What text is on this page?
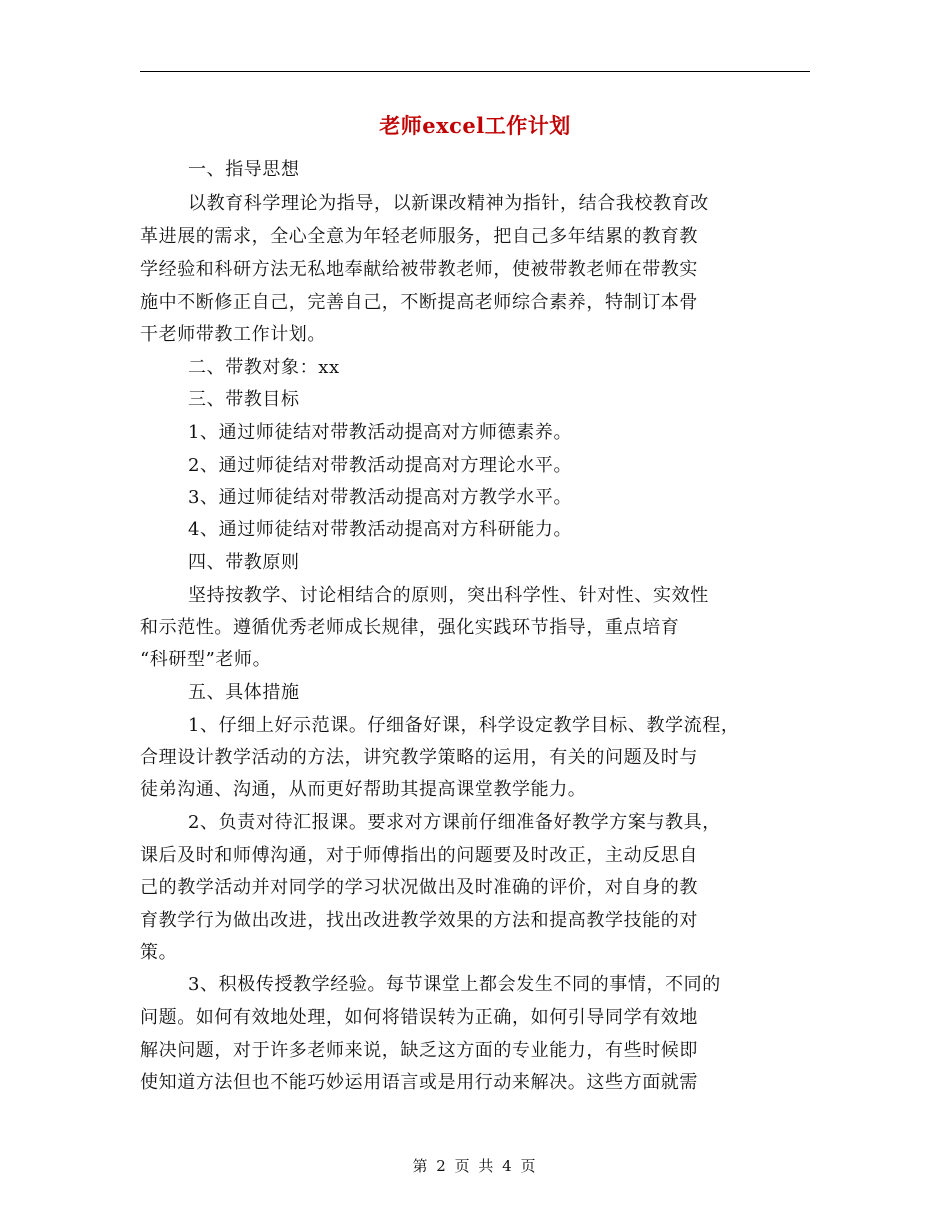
老师excel工作计划
一、指导思想
以教育科学理论为指导，以新课改精神为指针，结合我校教育改
革进展的需求，全心全意为年轻老师服务，把自己多年结累的教育教
学经验和科研方法无私地奉献给被带教老师，使被带教老师在带教实
施中不断修正自己，完善自己，不断提高老师综合素养，特制订本骨
干老师带教工作计划。
二、带教对象：xx
三、带教目标
1、通过师徒结对带教活动提高对方师德素养。
2、通过师徒结对带教活动提高对方理论水平。
3、通过师徒结对带教活动提高对方教学水平。
4、通过师徒结对带教活动提高对方科研能力。
四、带教原则
坚持按教学、讨论相结合的原则，突出科学性、针对性、实效性
和示范性。遵循优秀老师成长规律，强化实践环节指导，重点培育
“科研型”老师。
五、具体措施
1、仔细上好示范课。仔细备好课，科学设定教学目标、教学流程，
合理设计教学活动的方法，讲究教学策略的运用，有关的问题及时与
徒弟沟通、沟通，从而更好帮助其提高课堂教学能力。
2、负责对待汇报课。要求对方课前仔细准备好教学方案与教具，
课后及时和师傅沟通，对于师傅指出的问题要及时改正，主动反思自
己的教学活动并对同学的学习状况做出及时准确的评价，对自身的教
育教学行为做出改进，找出改进教学效果的方法和提高教学技能的对
策。
3、积极传授教学经验。每节课堂上都会发生不同的事情，不同的
问题。如何有效地处理，如何将错误转为正确，如何引导同学有效地
解决问题，对于许多老师来说，缺乏这方面的专业能力，有些时候即
使知道方法但也不能巧妙运用语言或是用行动来解决。这些方面就需
第 2 页 共 4 页
